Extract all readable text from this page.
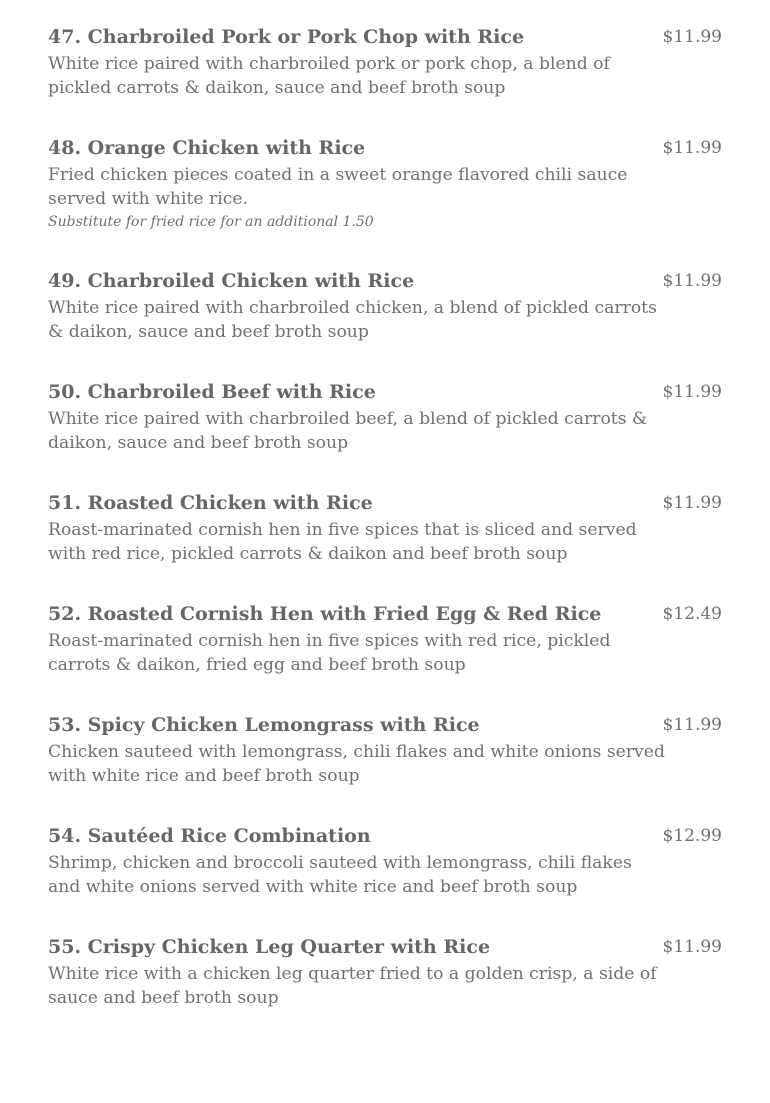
47. Charbroiled Pork or Pork Chop with Rice	$11.99
White rice paired with charbroiled pork or pork chop, a blend of pickled carrots & daikon, sauce and beef broth soup
48. Orange Chicken with Rice	$11.99
Fried chicken pieces coated in a sweet orange flavored chili sauce served with white rice.
Substitute for fried rice for an additional 1.50
49. Charbroiled Chicken with Rice	$11.99
White rice paired with charbroiled chicken, a blend of pickled carrots & daikon, sauce and beef broth soup
50. Charbroiled Beef with Rice	$11.99
White rice paired with charbroiled beef, a blend of pickled carrots & daikon, sauce and beef broth soup
51. Roasted Chicken with Rice	$11.99
Roast-marinated cornish hen in five spices that is sliced and served with red rice, pickled carrots & daikon and beef broth soup
52. Roasted Cornish Hen with Fried Egg & Red Rice	$12.49
Roast-marinated cornish hen in five spices with red rice, pickled carrots & daikon, fried egg and beef broth soup
53. Spicy Chicken Lemongrass with Rice	$11.99
Chicken sauteed with lemongrass, chili flakes and white onions served with white rice and beef broth soup
54. Sautéed Rice Combination	$12.99
Shrimp, chicken and broccoli sauteed with lemongrass, chili flakes and white onions served with white rice and beef broth soup
55. Crispy Chicken Leg Quarter with Rice	$11.99
White rice with a chicken leg quarter fried to a golden crisp, a side of sauce and beef broth soup
